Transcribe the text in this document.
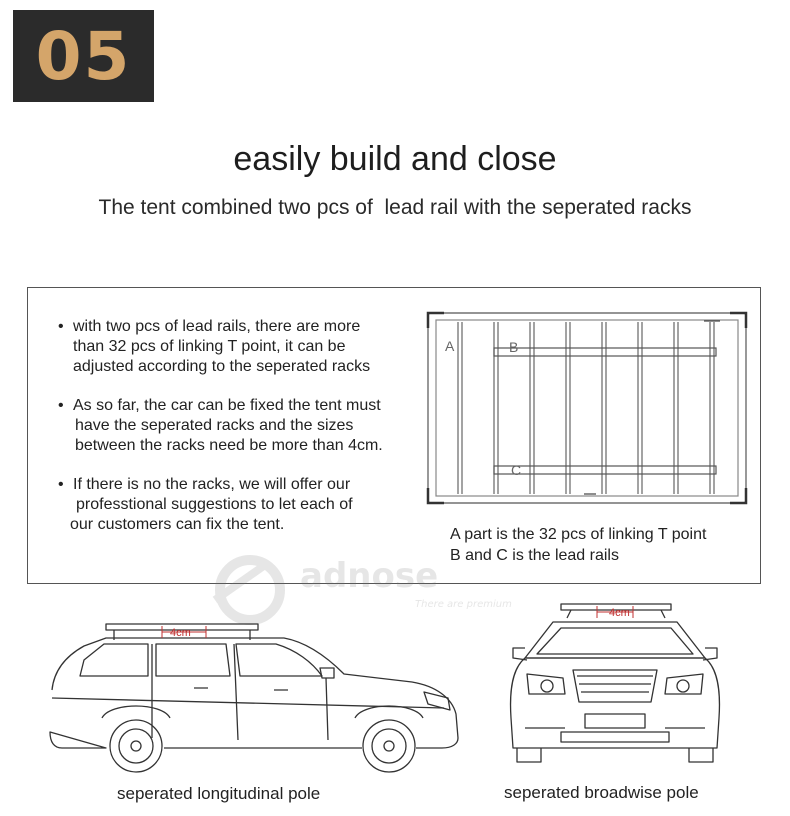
05
easily build and close

The tent combined two pcs of  lead rail with the seperated racks

• with two pcs of lead rails, there are more
than 32 pcs of linking T point, it can be
adjusted according to the seperated racks
• As so far, the car can be fixed the tent must
have the seperated racks and the sizes
between the racks need be more than 4cm.
• If there is no the racks, we will offer our
professtional suggestions to let each of
our customers can fix the tent.
A	B
C
A part is the 32 pcs of linking T point
B and C is the lead rails
adnose
There are premium
4cm
4cm
seperated longitudinal pole	seperated broadwise pole
